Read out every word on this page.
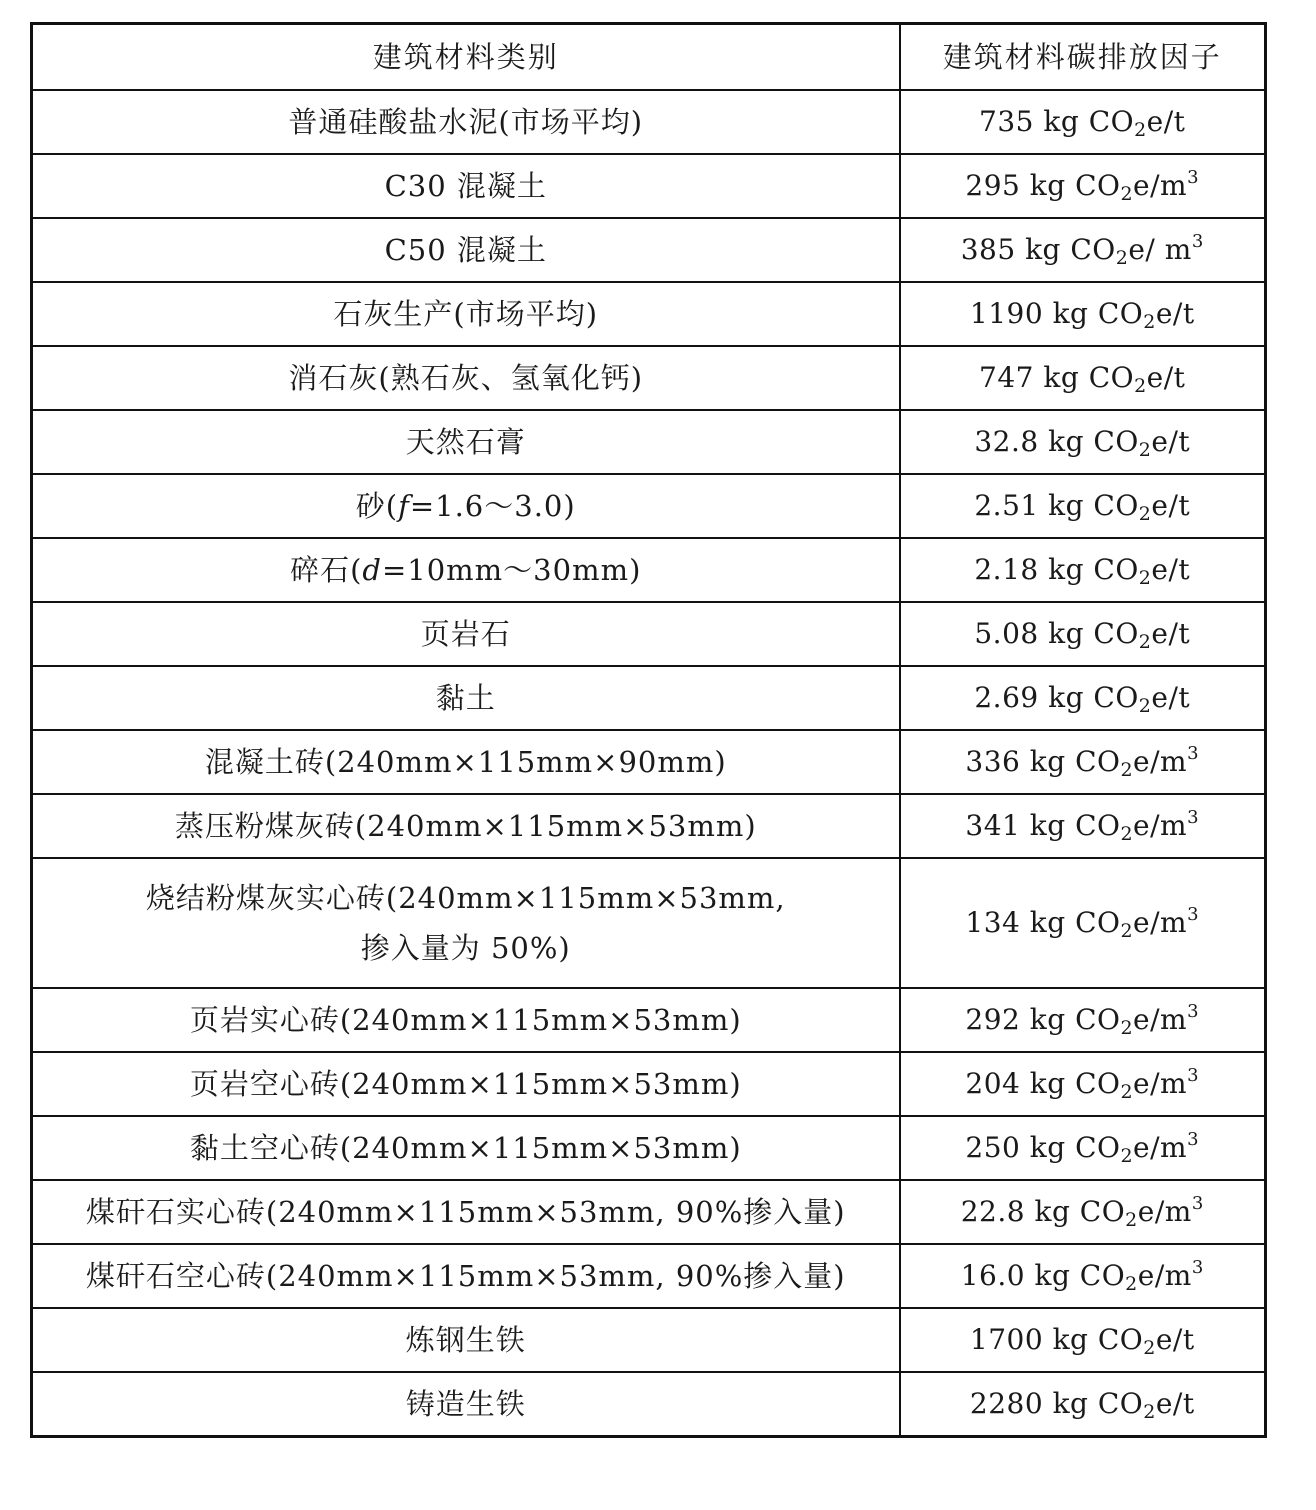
建筑材料类别	建筑材料碳排放因子
普通硅酸盐水泥(市场平均)	735 kg $CO_2e/t$
C30 混凝土	295 kg $CO_2e/m^3$
C50 混凝土	385 kg $CO_2e/$ $m^3$
石灰生产(市场平均)	1190 kg $CO_2e/t$
消石灰(熟石灰、氢氧化钙)	747 kg $CO_2e/t$
天然石膏	32.8 kg $CO_2e/t$
砂(f=1.6～3.0)	2.51 kg $CO_2e/t$
碎石(d=10mm～30mm)	2.18 kg $CO_2e/t$
页岩石	5.08 kg $CO_2e/t$
黏土	2.69 kg $CO_2e/t$
混凝土砖(240mm×115mm×90mm)	336 kg $CO_2e/m^3$
蒸压粉煤灰砖(240mm×115mm×53mm)	341 kg $CO_2e/m^3$

烧结粉煤灰实心砖(240mm×115mm×53mm,
掺入量为 50%)	134 kg $CO_2e/m^3$
页岩实心砖(240mm×115mm×53mm)	292 kg $CO_2e/m^3$
页岩空心砖(240mm×115mm×53mm)	204 kg $CO_2e/m^3$
黏土空心砖(240mm×115mm×53mm)	250 kg $CO_2e/m^3$
煤矸石实心砖(240mm×115mm×53mm, 90%掺入量)	22.8 kg $CO_2e/m^3$
煤矸石空心砖(240mm×115mm×53mm, 90%掺入量)	16.0 kg $CO_2e/m^3$
炼钢生铁	1700 kg $CO_2e/t$
铸造生铁	2280 kg $CO_2e/t$
